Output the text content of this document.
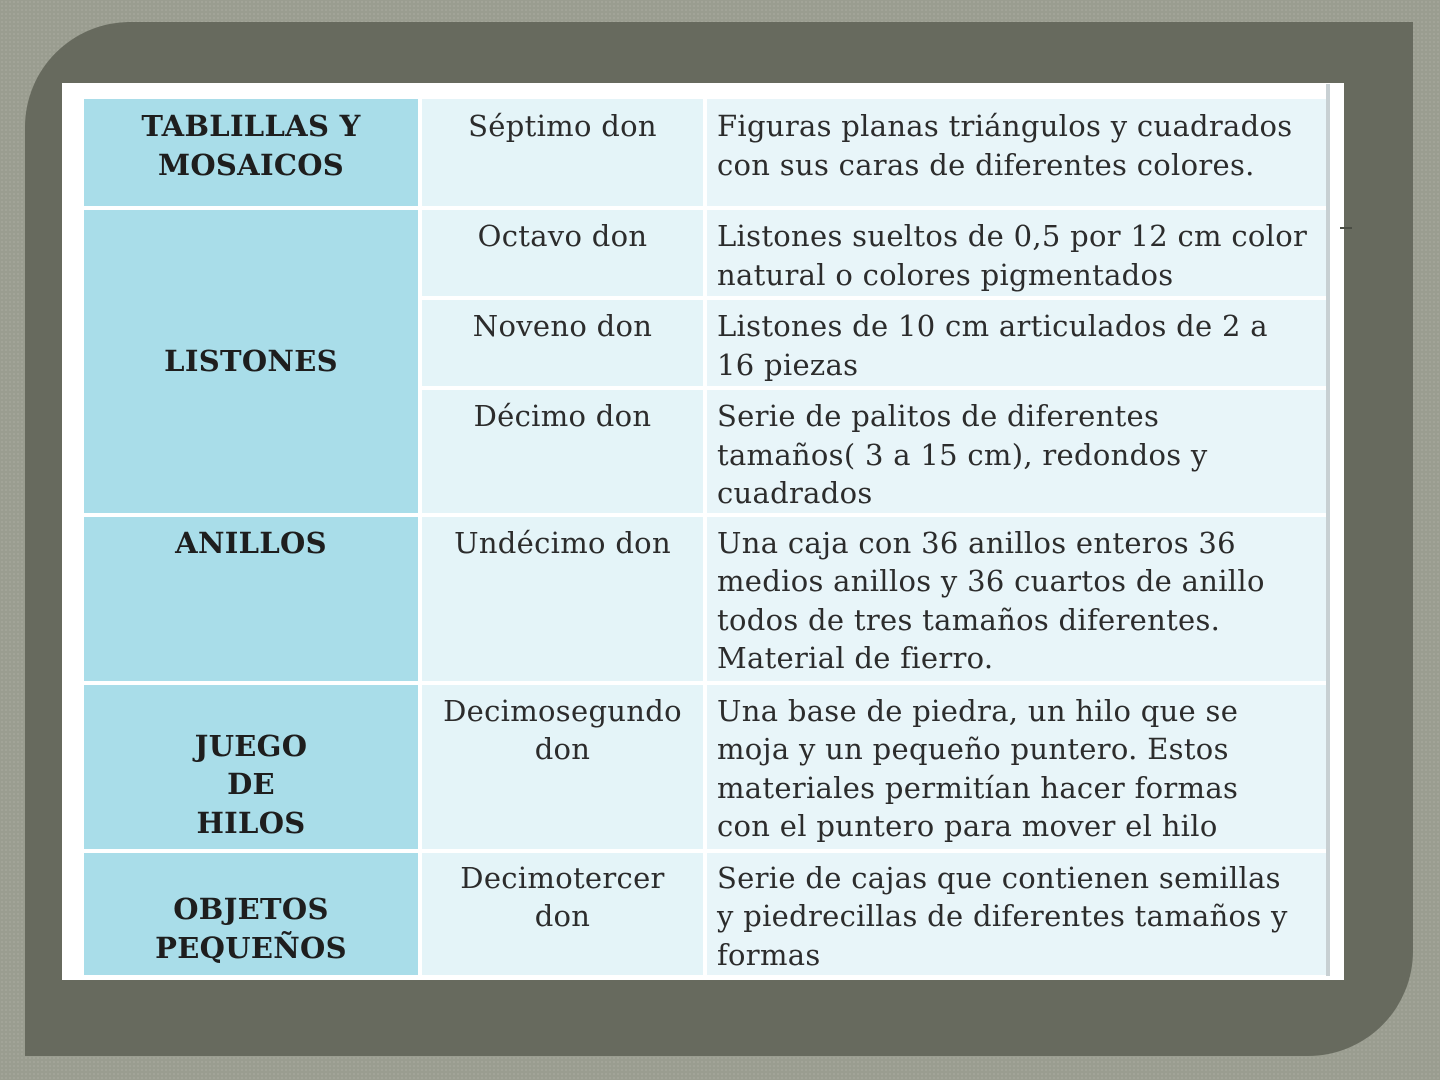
TABLILLAS Y
MOSAICOS	Séptimo don	Figuras planas triángulos y cuadrados
con sus caras de diferentes colores.
LISTONES	Octavo don	Listones sueltos de 0,5 por 12 cm color
natural o colores pigmentados
	Noveno don	Listones de 10 cm articulados de 2 a
16 piezas
	Décimo don	Serie de palitos de diferentes
tamaños( 3 a 15 cm), redondos y
cuadrados
ANILLOS	Undécimo don	Una caja con 36 anillos enteros 36
medios anillos y 36 cuartos de anillo
todos de tres tamaños diferentes.
Material de fierro.
JUEGO
DE
HILOS	Decimosegundo
don	Una base de piedra, un hilo que se
moja y un pequeño puntero. Estos
materiales permitían hacer formas
con el puntero para mover el hilo
OBJETOS
PEQUEÑOS	Decimotercer
don	Serie de cajas que contienen semillas
y piedrecillas de diferentes tamaños y
formas
